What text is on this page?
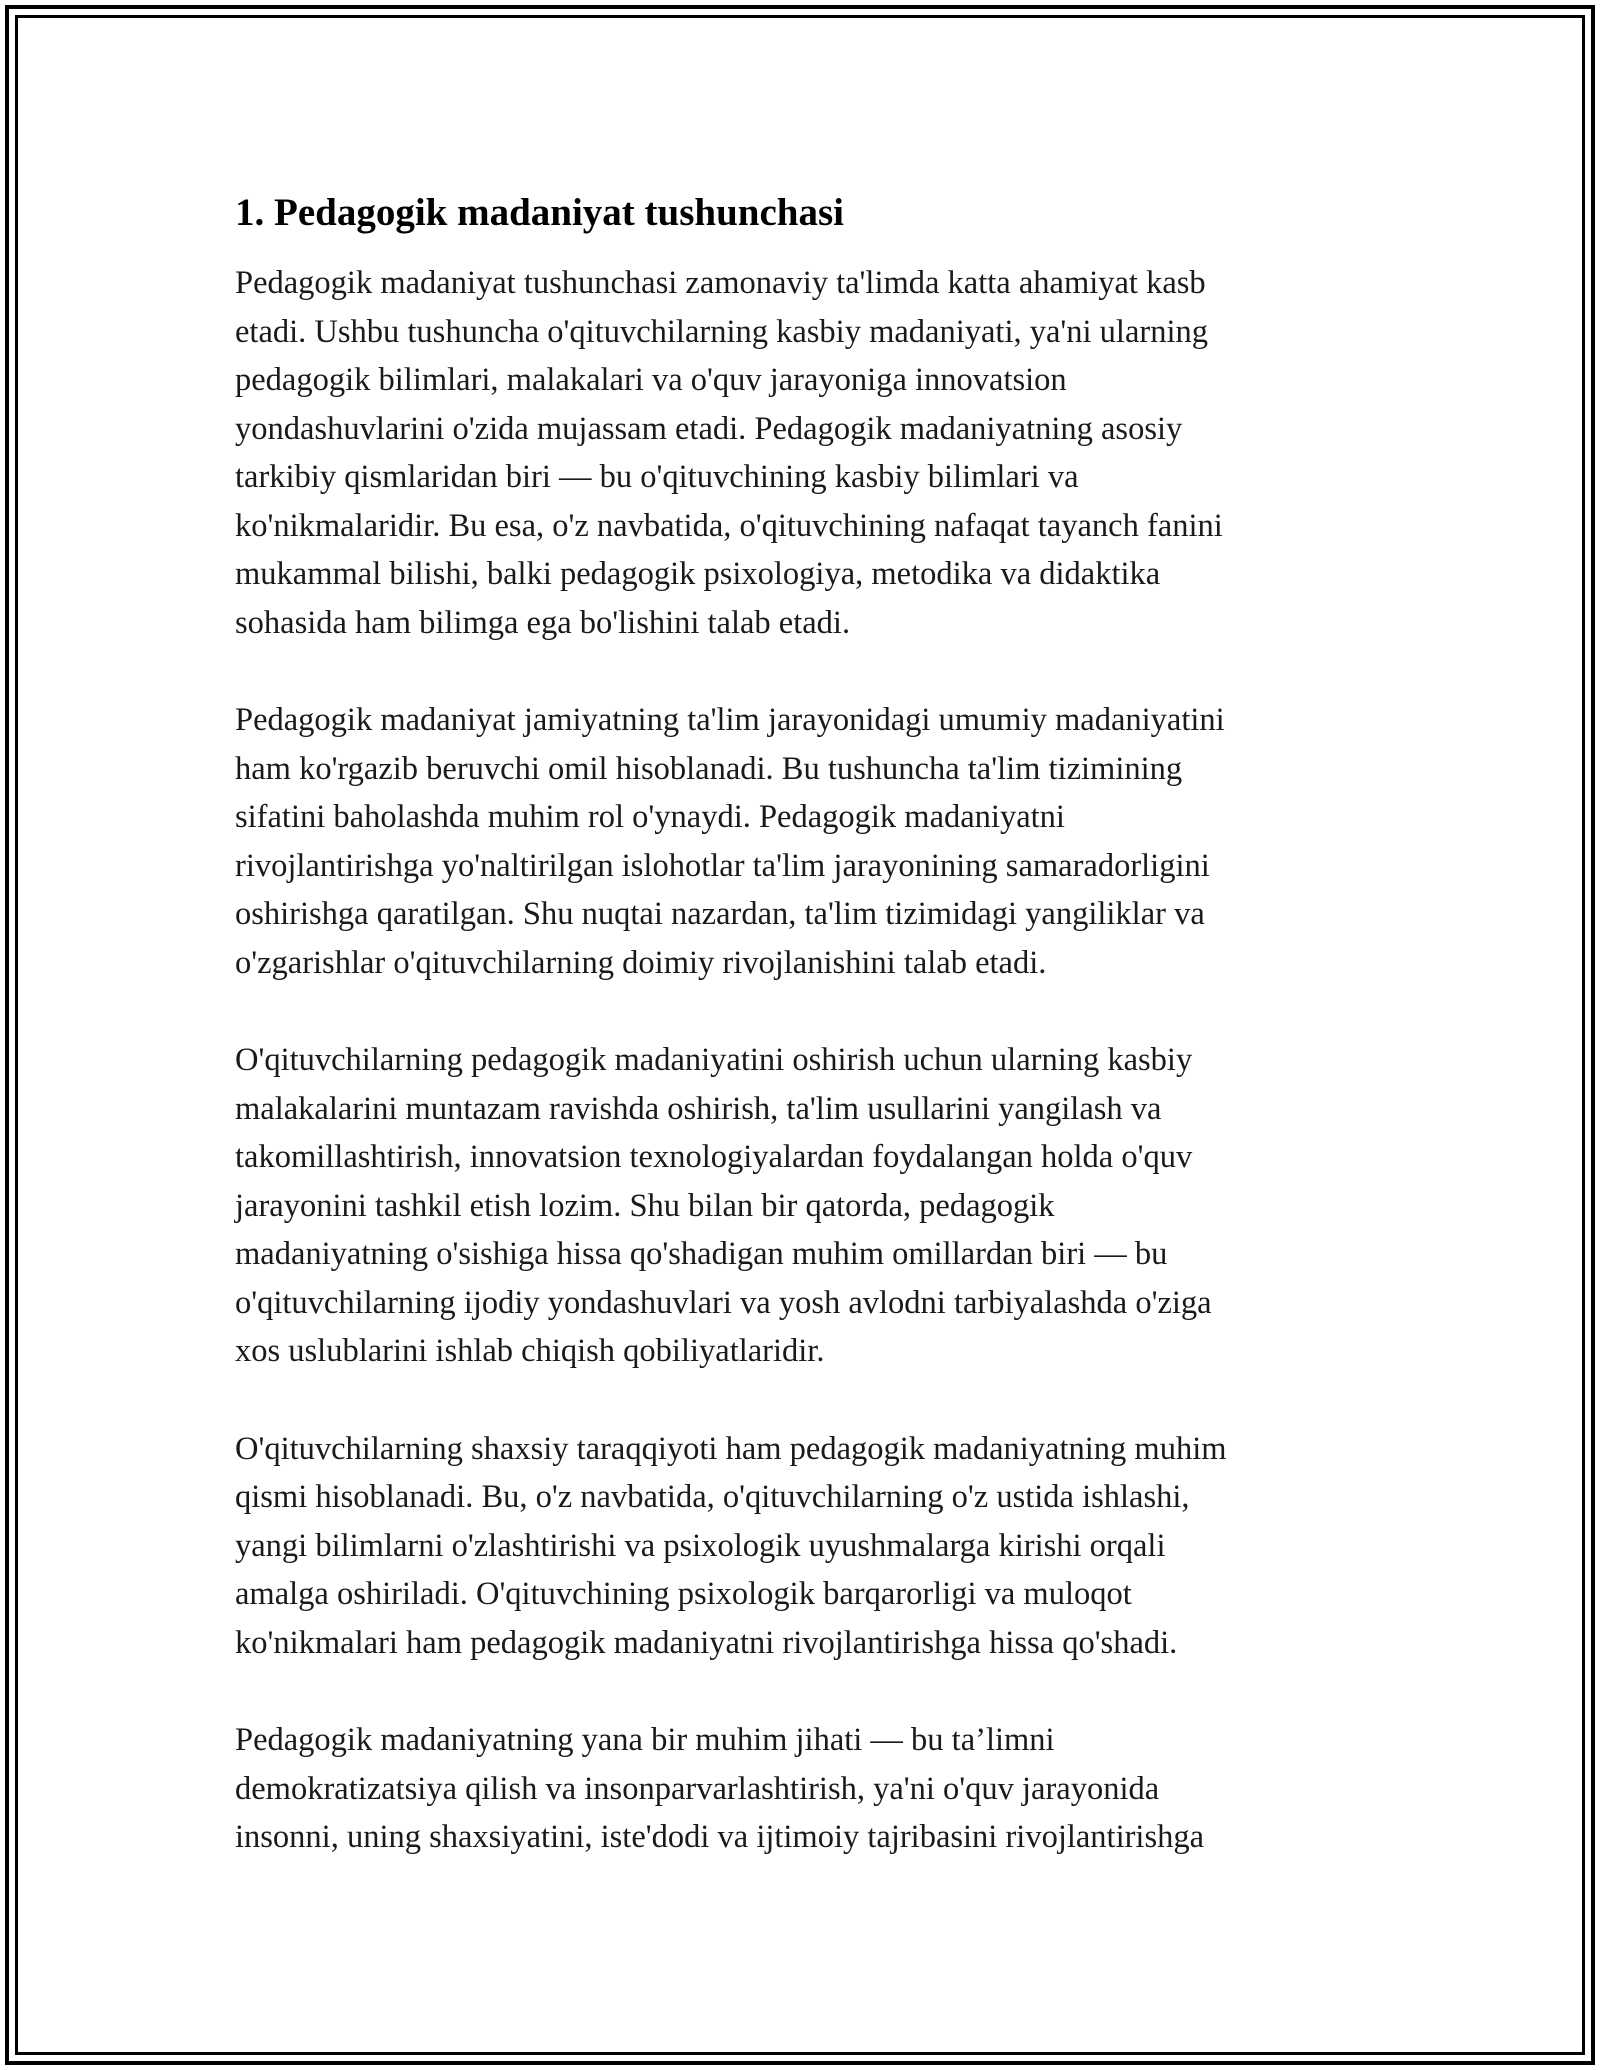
1. Pedagogik madaniyat tushunchasi

Pedagogik madaniyat tushunchasi zamonaviy ta'limda katta ahamiyat kasb
etadi. Ushbu tushuncha o'qituvchilarning kasbiy madaniyati, ya'ni ularning
pedagogik bilimlari, malakalari va o'quv jarayoniga innovatsion
yondashuvlarini o'zida mujassam etadi. Pedagogik madaniyatning asosiy
tarkibiy qismlaridan biri — bu o'qituvchining kasbiy bilimlari va
ko'nikmalaridir. Bu esa, o'z navbatida, o'qituvchining nafaqat tayanch fanini
mukammal bilishi, balki pedagogik psixologiya, metodika va didaktika
sohasida ham bilimga ega bo'lishini talab etadi.

Pedagogik madaniyat jamiyatning ta'lim jarayonidagi umumiy madaniyatini
ham ko'rgazib beruvchi omil hisoblanadi. Bu tushuncha ta'lim tizimining
sifatini baholashda muhim rol o'ynaydi. Pedagogik madaniyatni
rivojlantirishga yo'naltirilgan islohotlar ta'lim jarayonining samaradorligini
oshirishga qaratilgan. Shu nuqtai nazardan, ta'lim tizimidagi yangiliklar va
o'zgarishlar o'qituvchilarning doimiy rivojlanishini talab etadi.

O'qituvchilarning pedagogik madaniyatini oshirish uchun ularning kasbiy
malakalarini muntazam ravishda oshirish, ta'lim usullarini yangilash va
takomillashtirish, innovatsion texnologiyalardan foydalangan holda o'quv
jarayonini tashkil etish lozim. Shu bilan bir qatorda, pedagogik
madaniyatning o'sishiga hissa qo'shadigan muhim omillardan biri — bu
o'qituvchilarning ijodiy yondashuvlari va yosh avlodni tarbiyalashda o'ziga
xos uslublarini ishlab chiqish qobiliyatlaridir.

O'qituvchilarning shaxsiy taraqqiyoti ham pedagogik madaniyatning muhim
qismi hisoblanadi. Bu, o'z navbatida, o'qituvchilarning o'z ustida ishlashi,
yangi bilimlarni o'zlashtirishi va psixologik uyushmalarga kirishi orqali
amalga oshiriladi. O'qituvchining psixologik barqarorligi va muloqot
ko'nikmalari ham pedagogik madaniyatni rivojlantirishga hissa qo'shadi.

Pedagogik madaniyatning yana bir muhim jihati — bu ta’limni
demokratizatsiya qilish va insonparvarlashtirish, ya'ni o'quv jarayonida
insonni, uning shaxsiyatini, iste'dodi va ijtimoiy tajribasini rivojlantirishga
